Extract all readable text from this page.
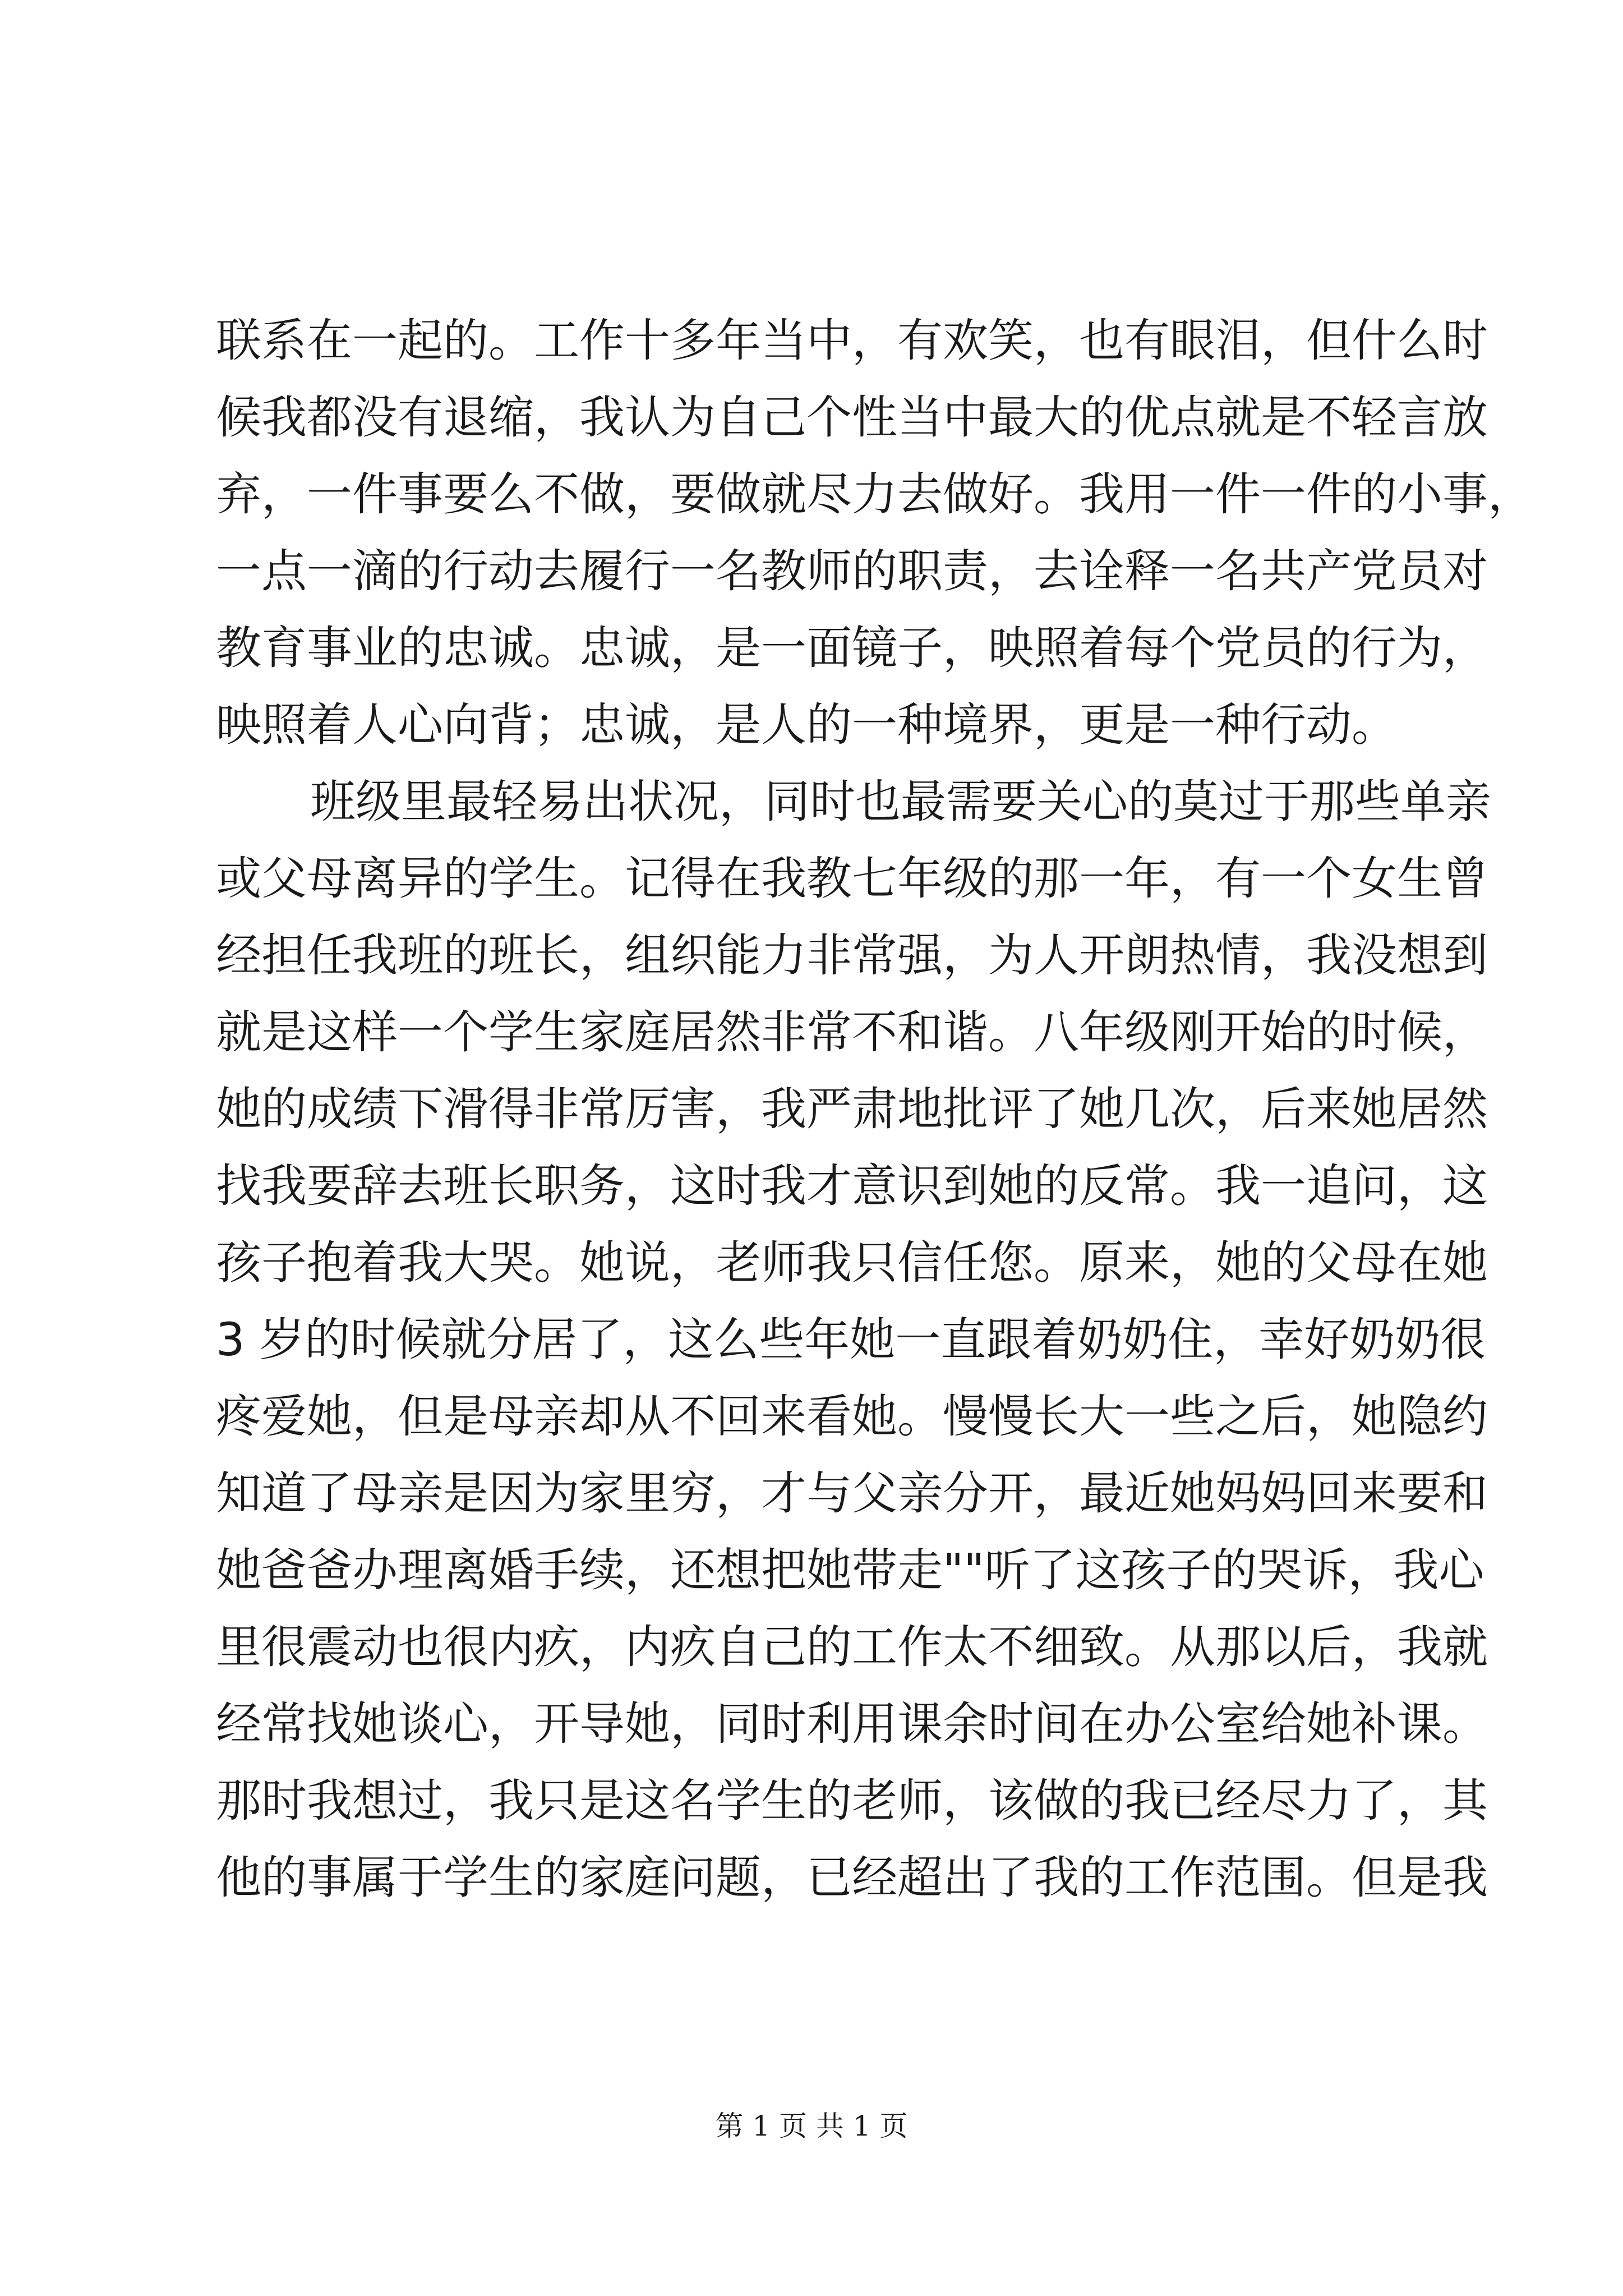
联系在一起的。工作十多年当中，有欢笑，也有眼泪，但什么时
候我都没有退缩，我认为自己个性当中最大的优点就是不轻言放
弃，一件事要么不做，要做就尽力去做好。我用一件一件的小事，
一点一滴的行动去履行一名教师的职责，去诠释一名共产党员对
教育事业的忠诚。忠诚，是一面镜子，映照着每个党员的行为，
映照着人心向背；忠诚，是人的一种境界，更是一种行动。
班级里最轻易出状况，同时也最需要关心的莫过于那些单亲
或父母离异的学生。记得在我教七年级的那一年，有一个女生曾
经担任我班的班长，组织能力非常强，为人开朗热情，我没想到
就是这样一个学生家庭居然非常不和谐。八年级刚开始的时候，
她的成绩下滑得非常厉害，我严肃地批评了她几次，后来她居然
找我要辞去班长职务，这时我才意识到她的反常。我一追问，这
孩子抱着我大哭。她说，老师我只信任您。原来，她的父母在她
3 岁的时候就分居了，这么些年她一直跟着奶奶住，幸好奶奶很
疼爱她，但是母亲却从不回来看她。慢慢长大一些之后，她隐约
知道了母亲是因为家里穷，才与父亲分开，最近她妈妈回来要和
她爸爸办理离婚手续，还想把她带走""听了这孩子的哭诉，我心
里很震动也很内疚，内疚自己的工作太不细致。从那以后，我就
经常找她谈心，开导她，同时利用课余时间在办公室给她补课。
那时我想过，我只是这名学生的老师，该做的我已经尽力了，其
他的事属于学生的家庭问题，已经超出了我的工作范围。但是我
第 1 页 共 1 页
